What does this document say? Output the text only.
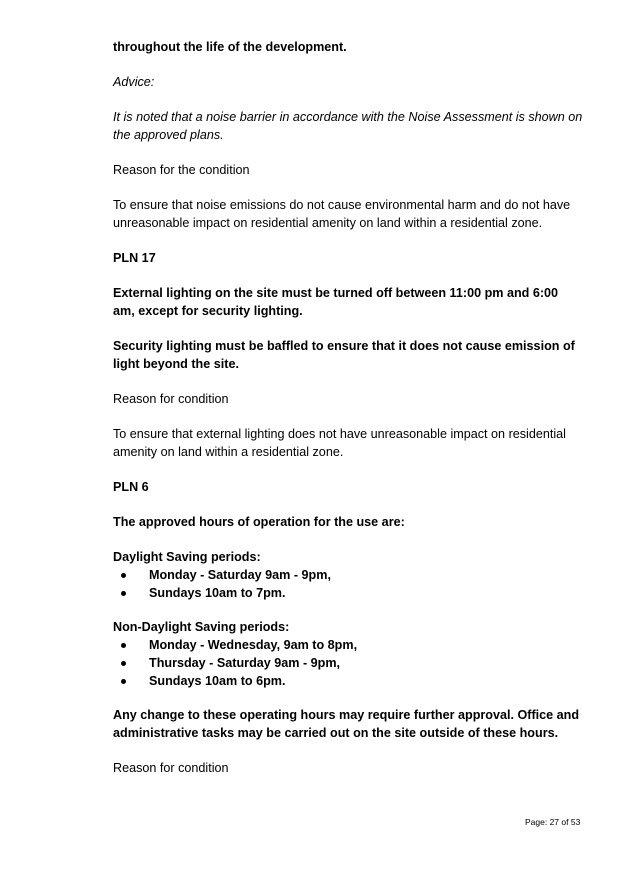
throughout the life of the development.

Advice:

It is noted that a noise barrier in accordance with the Noise Assessment is shown on the approved plans.

Reason for the condition

To ensure that noise emissions do not cause environmental harm and do not have unreasonable impact on residential amenity on land within a residential zone.

PLN 17

External lighting on the site must be turned off between 11:00 pm and 6:00 am, except for security lighting.

Security lighting must be baffled to ensure that it does not cause emission of light beyond the site.

Reason for condition

To ensure that external lighting does not have unreasonable impact on residential amenity on land within a residential zone.

PLN 6

The approved hours of operation for the use are:

Daylight Saving periods:

Monday - Saturday 9am - 9pm,
Sundays 10am to 7pm.

Non-Daylight Saving periods:

Monday - Wednesday, 9am to 8pm,
Thursday - Saturday 9am - 9pm,
Sundays 10am to 6pm.

Any change to these operating hours may require further approval. Office and administrative tasks may be carried out on the site outside of these hours.

Reason for condition

Page: 27 of 53
